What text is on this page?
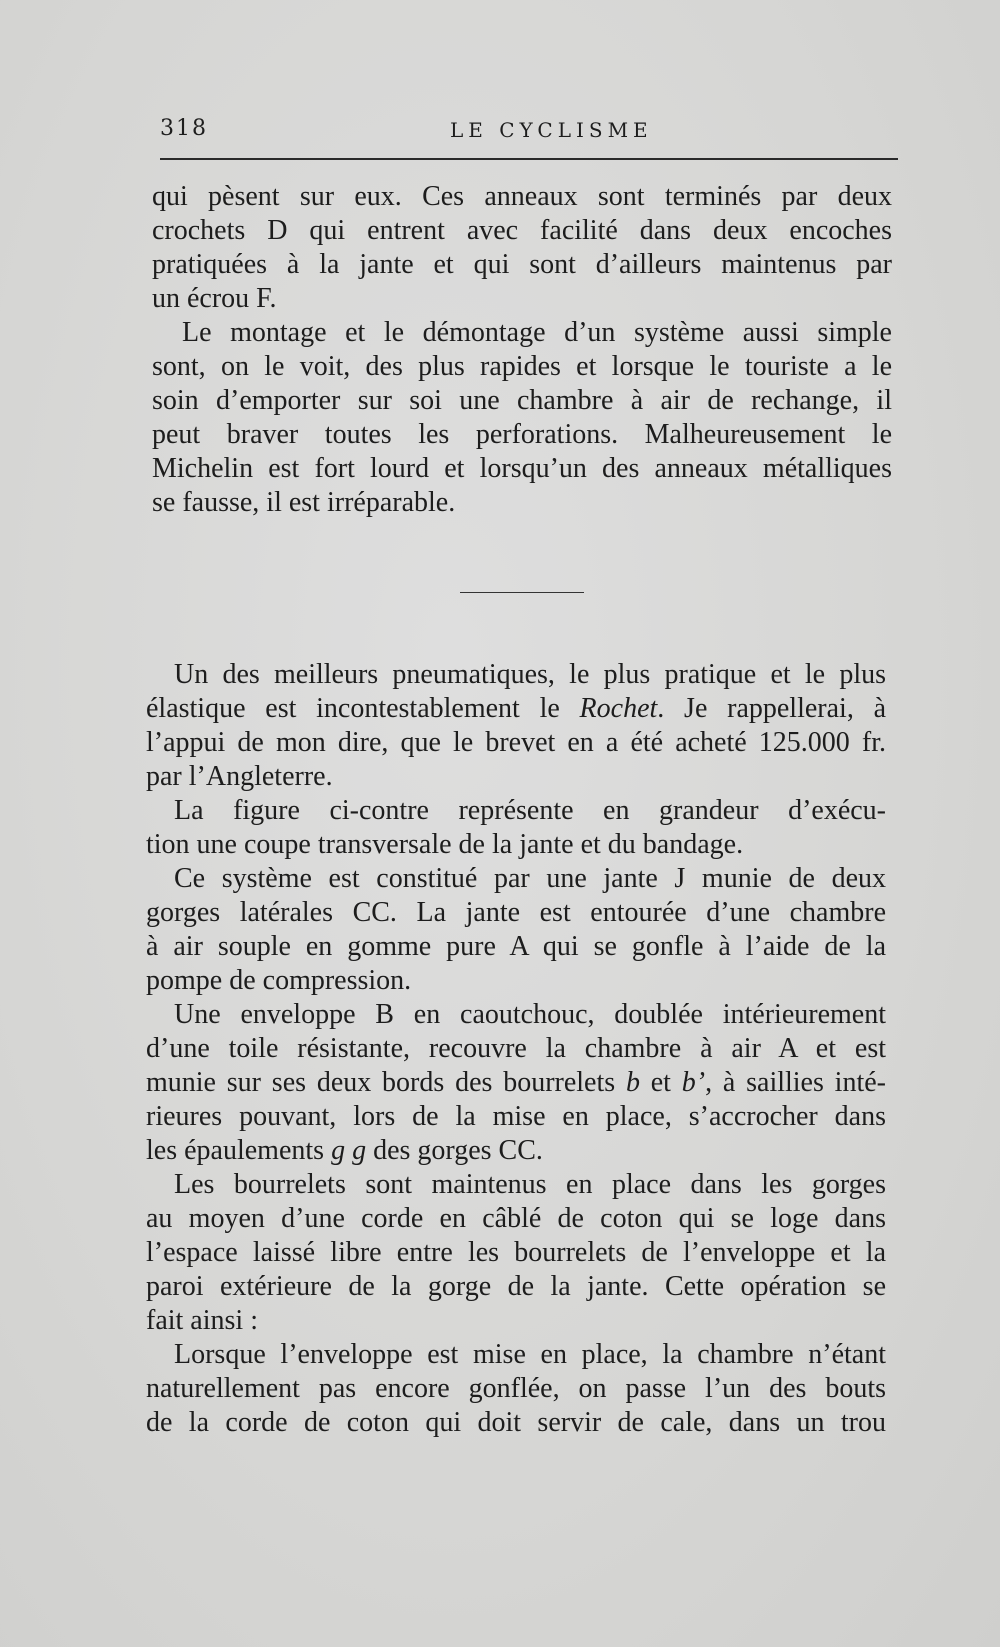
318	LE CYCLISME

qui pèsent sur eux. Ces anneaux sont terminés par deux
crochets D qui entrent avec facilité dans deux encoches
pratiquées à la jante et qui sont d’ailleurs maintenus par
un écrou F.

Le montage et le démontage d’un système aussi simple
sont, on le voit, des plus rapides et lorsque le touriste a le
soin d’emporter sur soi une chambre à air de rechange, il
peut braver toutes les perforations. Malheureusement le
Michelin est fort lourd et lorsqu’un des anneaux métalliques
se fausse, il est irréparable.

Un des meilleurs pneumatiques, le plus pratique et le plus
élastique est incontestablement le Rochet. Je rappellerai, à
l’appui de mon dire, que le brevet en a été acheté 125.000 fr.
par l’Angleterre.

La figure ci-contre représente en grandeur d’exécu-
tion une coupe transversale de la jante et du bandage.

Ce système est constitué par une jante J munie de deux
gorges latérales CC. La jante est entourée d’une chambre
à air souple en gomme pure A qui se gonfle à l’aide de la
pompe de compression.

Une enveloppe B en caoutchouc, doublée intérieurement
d’une toile résistante, recouvre la chambre à air A et est
munie sur ses deux bords des bourrelets b et b’, à saillies inté-
rieures pouvant, lors de la mise en place, s’accrocher dans
les épaulements g g des gorges CC.

Les bourrelets sont maintenus en place dans les gorges
au moyen d’une corde en câblé de coton qui se loge dans
l’espace laissé libre entre les bourrelets de l’enveloppe et la
paroi extérieure de la gorge de la jante. Cette opération se
fait ainsi :

Lorsque l’enveloppe est mise en place, la chambre n’étant
naturellement pas encore gonflée, on passe l’un des bouts
de la corde de coton qui doit servir de cale, dans un trou
